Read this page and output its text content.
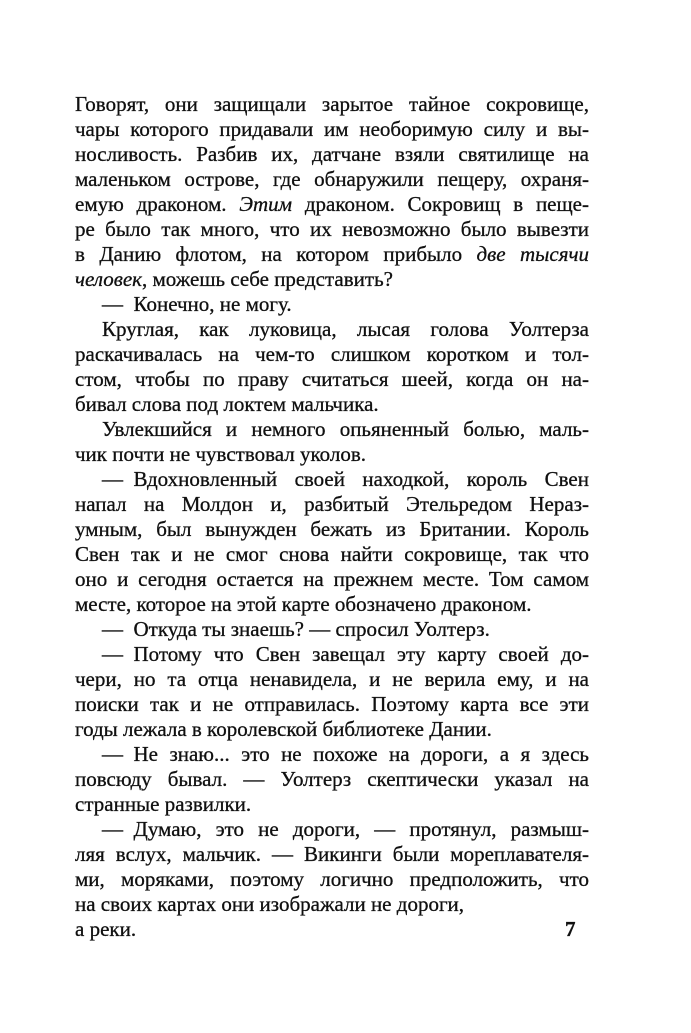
Говорят, они защищали зарытое тайное сокровище,
чары которого придавали им необоримую силу и вы-
носливость. Разбив их, датчане взяли святилище на
маленьком острове, где обнаружили пещеру, охраня-
емую драконом. Этим драконом. Сокровищ в пеще-
ре было так много, что их невозможно было вывезти
в Данию флотом, на котором прибыло две тысячи
человек, можешь себе представить?
— Конечно, не могу.
Круглая, как луковица, лысая голова Уолтерза
раскачивалась на чем-то слишком коротком и тол-
стом, чтобы по праву считаться шеей, когда он на-
бивал слова под локтем мальчика.
Увлекшийся и немного опьяненный болью, маль-
чик почти не чувствовал уколов.
— Вдохновленный своей находкой, король Свен
напал на Молдон и, разбитый Этельредом Нераз-
умным, был вынужден бежать из Британии. Король
Свен так и не смог снова найти сокровище, так что
оно и сегодня остается на прежнем месте. Том самом
месте, которое на этой карте обозначено драконом.
— Откуда ты знаешь? — спросил Уолтерз.
— Потому что Свен завещал эту карту своей до-
чери, но та отца ненавидела, и не верила ему, и на
поиски так и не отправилась. Поэтому карта все эти
годы лежала в королевской библиотеке Дании.
— Не знаю... это не похоже на дороги, а я здесь
повсюду бывал. — Уолтерз скептически указал на
странные развилки.
— Думаю, это не дороги, — протянул, размыш-
ляя вслух, мальчик. — Викинги были мореплавателя-
ми, моряками, поэтому логично предположить, что
на своих картах они изображали не дороги,
а реки.	7
